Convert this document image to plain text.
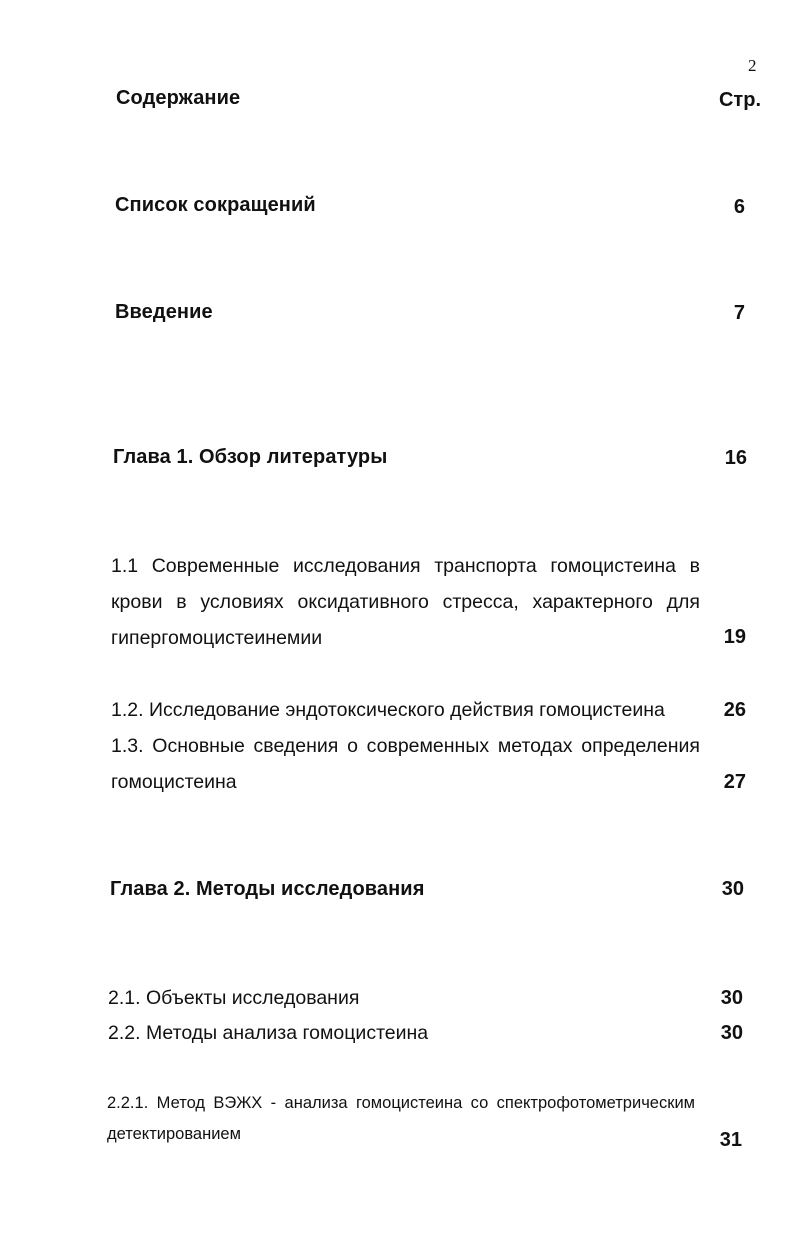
2
Содержание	Стр.
Список сокращений	6
Введение	7
Глава 1. Обзор литературы	16
1.1 Современные исследования транспорта гомоцистеина в
крови в условиях оксидативного стресса, характерного для
гипергомоцистеинемии	19
1.2. Исследование эндотоксического действия гомоцистеина	26
1.3. Основные сведения о современных методах определения
гомоцистеина	27
Глава 2. Методы исследования	30
2.1. Объекты исследования	30
2.2. Методы анализа гомоцистеина	30
2.2.1. Метод ВЭЖХ - анализа гомоцистеина со спектрофотометрическим
детектированием	31
